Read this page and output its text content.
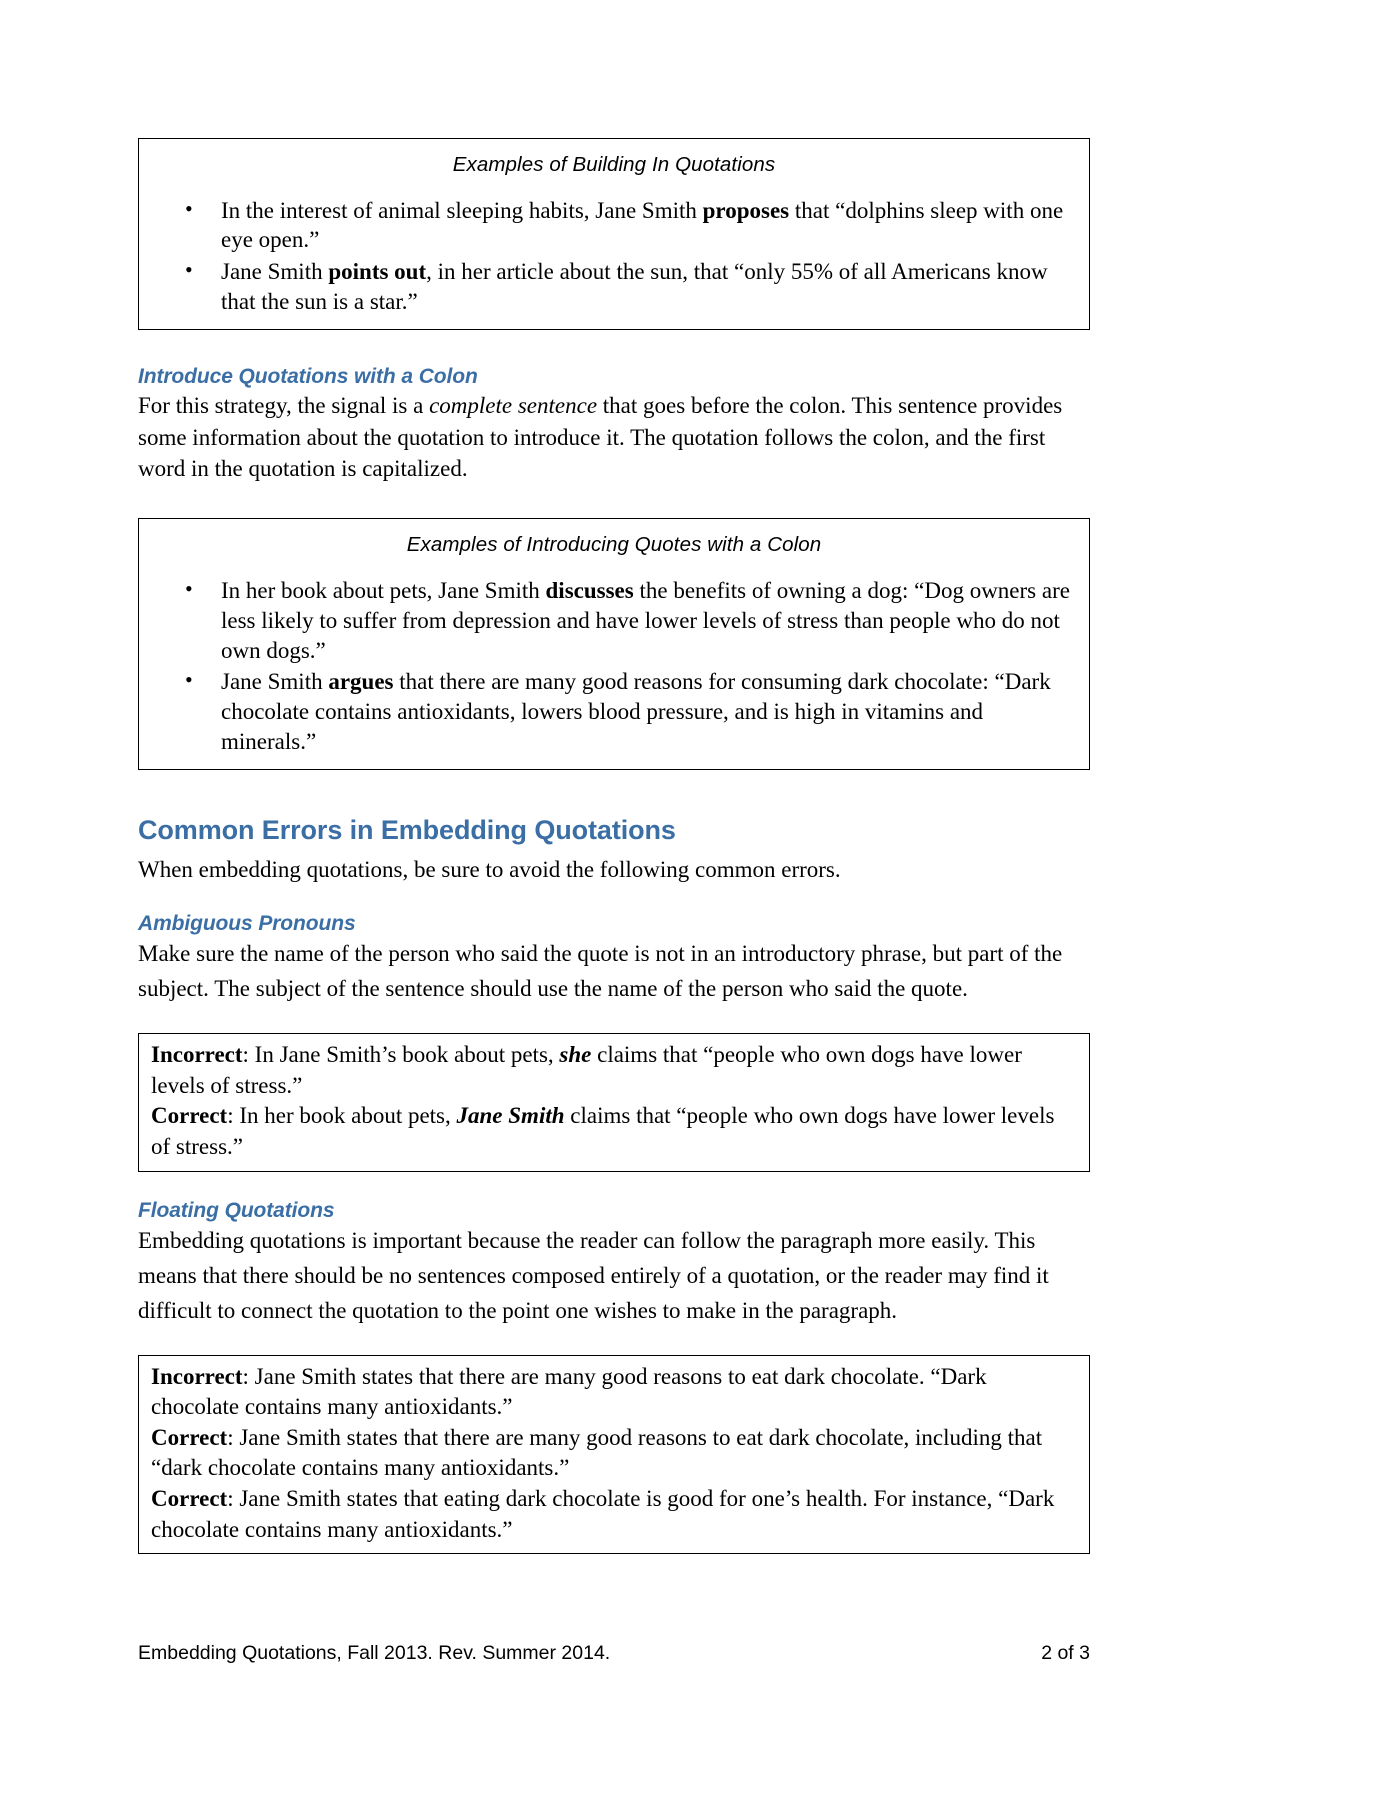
Examples of Building In Quotations
• In the interest of animal sleeping habits, Jane Smith proposes that “dolphins sleep with one eye open.”
• Jane Smith points out, in her article about the sun, that “only 55% of all Americans know that the sun is a star.”
Introduce Quotations with a Colon

For this strategy, the signal is a complete sentence that goes before the colon. This sentence provides some information about the quotation to introduce it. The quotation follows the colon, and the first word in the quotation is capitalized.

Examples of Introducing Quotes with a Colon
• In her book about pets, Jane Smith discusses the benefits of owning a dog: “Dog owners are less likely to suffer from depression and have lower levels of stress than people who do not own dogs.”
• Jane Smith argues that there are many good reasons for consuming dark chocolate: “Dark chocolate contains antioxidants, lowers blood pressure, and is high in vitamins and minerals.”
Common Errors in Embedding Quotations

When embedding quotations, be sure to avoid the following common errors.

Ambiguous Pronouns

Make sure the name of the person who said the quote is not in an introductory phrase, but part of the subject. The subject of the sentence should use the name of the person who said the quote.

Incorrect: In Jane Smith’s book about pets, she claims that “people who own dogs have lower levels of stress.”

Correct: In her book about pets, Jane Smith claims that “people who own dogs have lower levels of stress.”

Floating Quotations

Embedding quotations is important because the reader can follow the paragraph more easily. This means that there should be no sentences composed entirely of a quotation, or the reader may find it difficult to connect the quotation to the point one wishes to make in the paragraph.

Incorrect: Jane Smith states that there are many good reasons to eat dark chocolate. “Dark chocolate contains many antioxidants.”

Correct: Jane Smith states that there are many good reasons to eat dark chocolate, including that “dark chocolate contains many antioxidants.”

Correct: Jane Smith states that eating dark chocolate is good for one’s health. For instance, “Dark chocolate contains many antioxidants.”

Embedding Quotations, Fall 2013. Rev. Summer 2014.	2 of 3
